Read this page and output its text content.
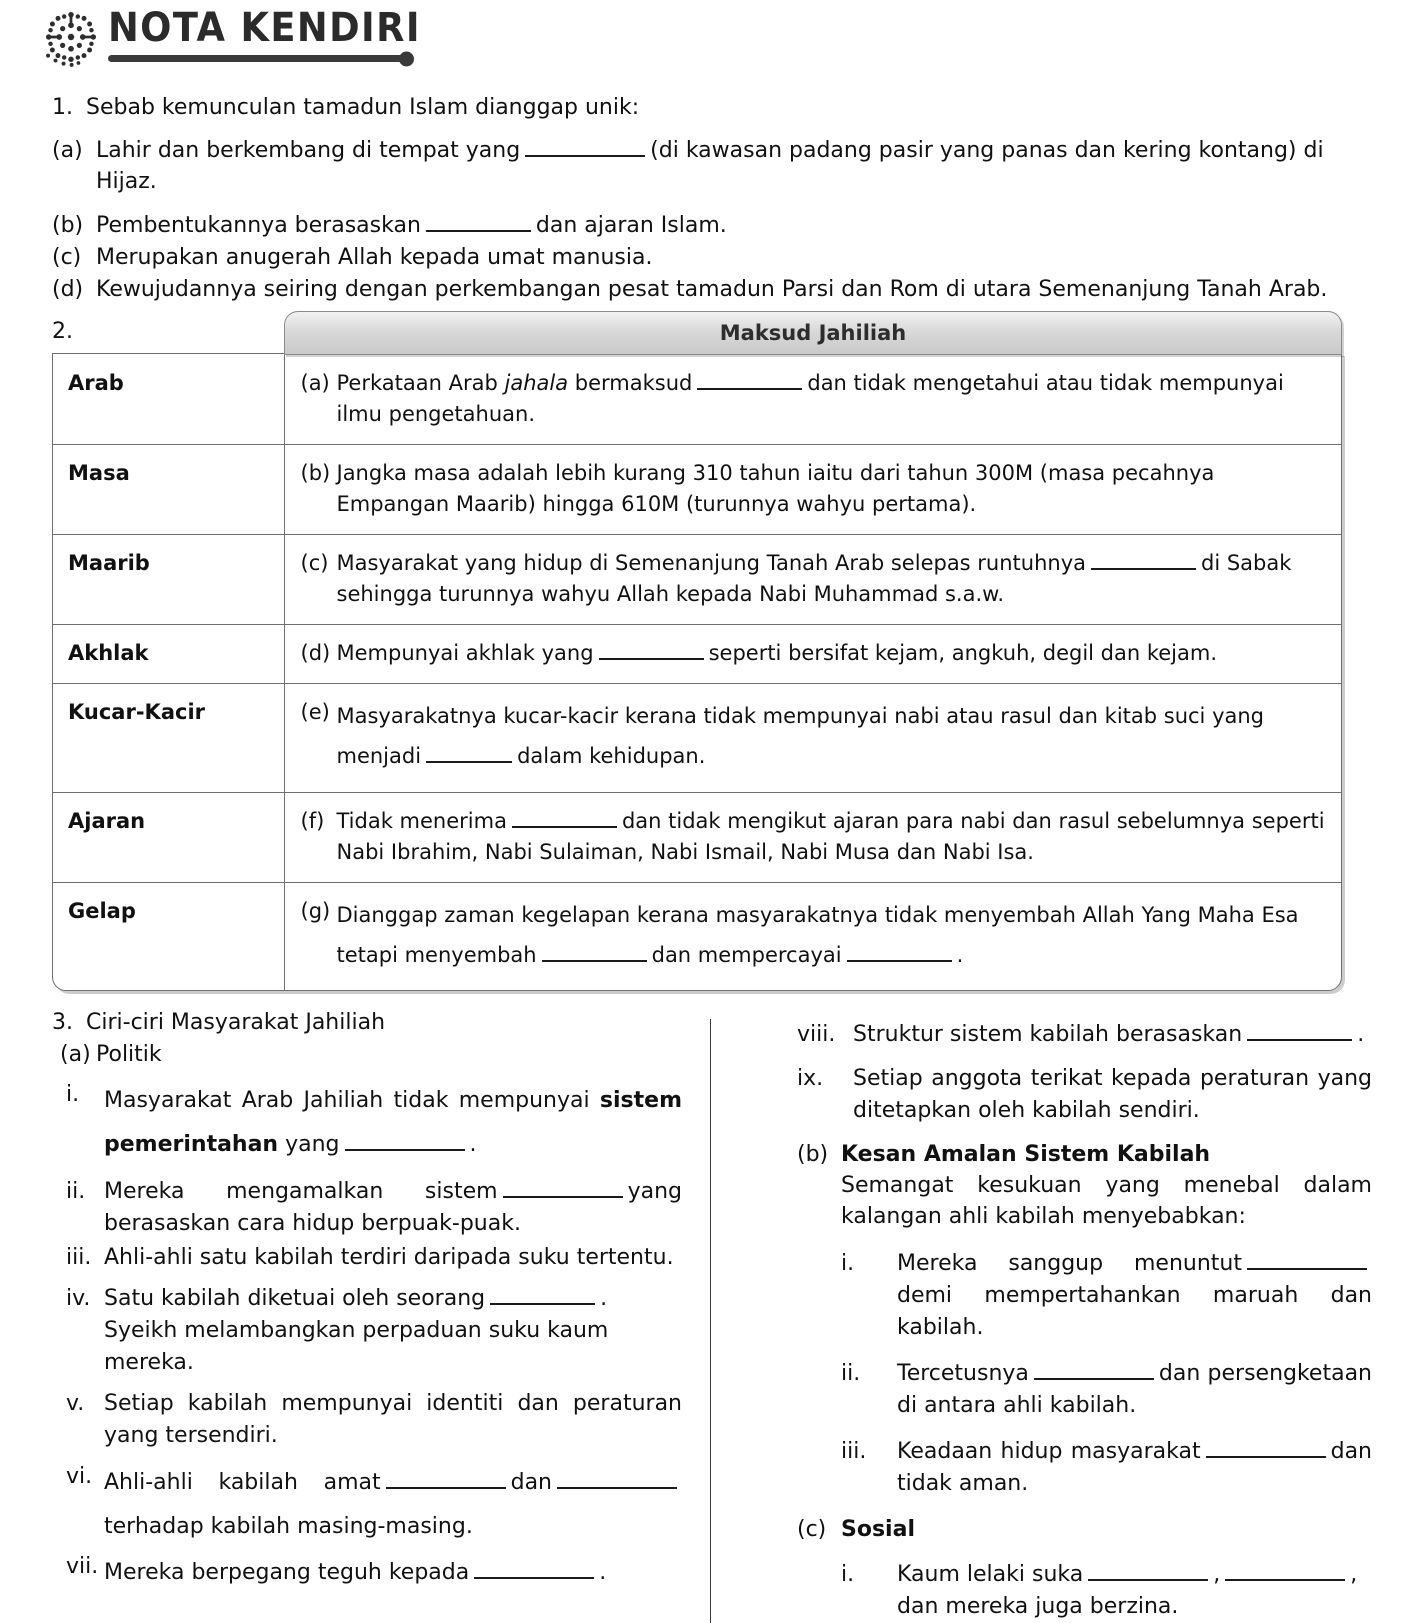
NOTA KENDIRI
1. Sebab kemunculan tamadun Islam dianggap unik:
(a) Lahir dan berkembang di tempat yang	(di kawasan padang pasir yang panas dan kering kontang) di Hijaz.
(b) Pembentukannya berasaskan	dan ajaran Islam.
(c) Merupakan anugerah Allah kepada umat manusia.
(d) Kewujudannya seiring dengan perkembangan pesat tamadun Parsi dan Rom di utara Semenanjung Tanah Arab.
2.	Maksud Jahiliah
Arab	(a) Perkataan Arab jahala bermaksud dan tidak mengetahui atau tidak mempunyai ilmu pengetahuan.

Masa	(b) Jangka masa adalah lebih kurang 310 tahun iaitu dari tahun 300M (masa pecahnya Empangan Maarib) hingga 610M (turunnya wahyu pertama).

Maarib	(c) Masyarakat yang hidup di Semenanjung Tanah Arab selepas runtuhnya di Sabak sehingga turunnya wahyu Allah kepada Nabi Muhammad s.a.w.

Akhlak	(d) Mempunyai akhlak yang seperti bersifat kejam, angkuh, degil dan kejam.

Kucar-Kacir	(e) Masyarakatnya kucar-kacir kerana tidak mempunyai nabi atau rasul dan kitab suci yang menjadi dalam kehidupan.

Ajaran	(f) Tidak menerima dan tidak mengikut ajaran para nabi dan rasul sebelumnya seperti Nabi Ibrahim, Nabi Sulaiman, Nabi Ismail, Nabi Musa dan Nabi Isa.

Gelap	(g) Dianggap zaman kegelapan kerana masyarakatnya tidak menyembah Allah Yang Maha Esa tetapi menyembah dan mempercayai .
3. Ciri-ciri Masyarakat Jahiliah
(a) Politik
i.	Masyarakat Arab Jahiliah tidak mempunyai sistem pemerintahan yang	.
ii. Mereka mengamalkan sistem	yang berasaskan cara hidup berpuak-puak.
iii. Ahli-ahli satu kabilah terdiri daripada suku tertentu.
iv. Satu kabilah diketuai oleh seorang	. Syeikh melambangkan perpaduan suku kaum mereka.
v. Setiap kabilah mempunyai identiti dan peraturan yang tersendiri.
vi. Ahli-ahli kabilah amat	danterhadap kabilah masing-masing.
vii. Mereka berpegang teguh kepada	.
viii. Struktur sistem kabilah berasaskan	.
ix.	Setiap anggota terikat kepada peraturan yang ditetapkan oleh kabilah sendiri.
(b) Kesan Amalan Sistem Kabilah
Semangat kesukuan yang menebal dalam kalangan ahli kabilah menyebabkan:
i.	Mereka sanggup menuntutdemi mempertahankan maruah dan kabilah.
ii.	Tercetusnya	dan persengketaan di antara ahli kabilah.
iii.	Keadaan hidup masyarakat	dan tidak aman.
(c) Sosial
i.	Kaum lelaki suka	,	, dan mereka juga berzina.
